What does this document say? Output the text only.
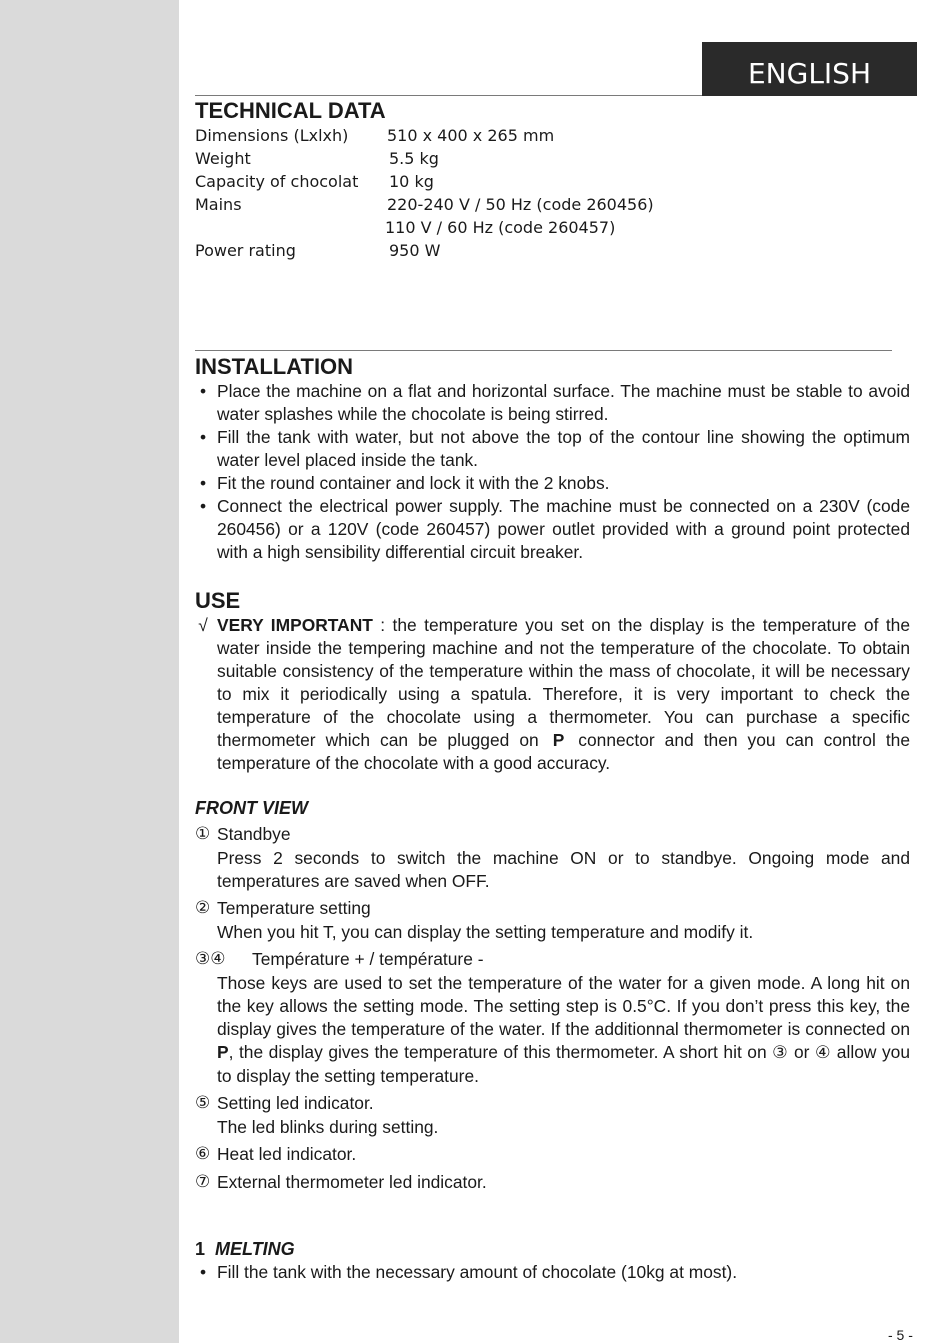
ENGLISH
TECHNICAL DATA
Dimensions (Lxlxh) 510 x 400 x 265 mm
Weight	5.5 kg
Capacity of chocolat 10 kg
Mains	220-240 V / 50 Hz (code 260456)
110 V / 60 Hz (code 260457)
Power rating	950 W
INSTALLATION
• Place the machine on a flat and horizontal surface. The machine must be stable to avoid water splashes while the chocolate is being stirred.
• Fill the tank with water, but not above the top of the contour line showing the optimum water level placed inside the tank.
• Fit the round container and lock it with the 2 knobs.
• Connect the electrical power supply. The machine must be connected on a 230V (code 260456) or a 120V (code 260457) power outlet provided with a ground point protected with a high sensibility differential circuit breaker.
USE
√ VERY IMPORTANT : the temperature you set on the display is the temperature of the water inside the tempering machine and not the temperature of the chocolate. To obtain suitable consistency of the temperature within the mass of chocolate, it will be necessary to mix it periodically using a spatula. Therefore, it is very important to check the temperature of the chocolate using a thermometer. You can purchase a specific thermometer which can be plugged on P connector and then you can control the temperature of the chocolate with a good accuracy.
FRONT VIEW
① Standbye
Press 2 seconds to switch the machine ON or to standbye. Ongoing mode and temperatures are saved when OFF.
② Temperature setting
When you hit T, you can display the setting temperature and modify it.
③④ Température + / température -
Those keys are used to set the temperature of the water for a given mode. A long hit on the key allows the setting mode. The setting step is 0.5°C. If you don’t press this key, the display gives the temperature of the water. If the additionnal thermometer is connected on P, the display gives the temperature of this thermometer. A short hit on ③ or ④ allow you to display the setting temperature.
⑤ Setting led indicator.
The led blinks during setting.
⑥ Heat led indicator.
⑦ External thermometer led indicator.
1 MELTING
• Fill the tank with the necessary amount of chocolate (10kg at most).
- 5 -
